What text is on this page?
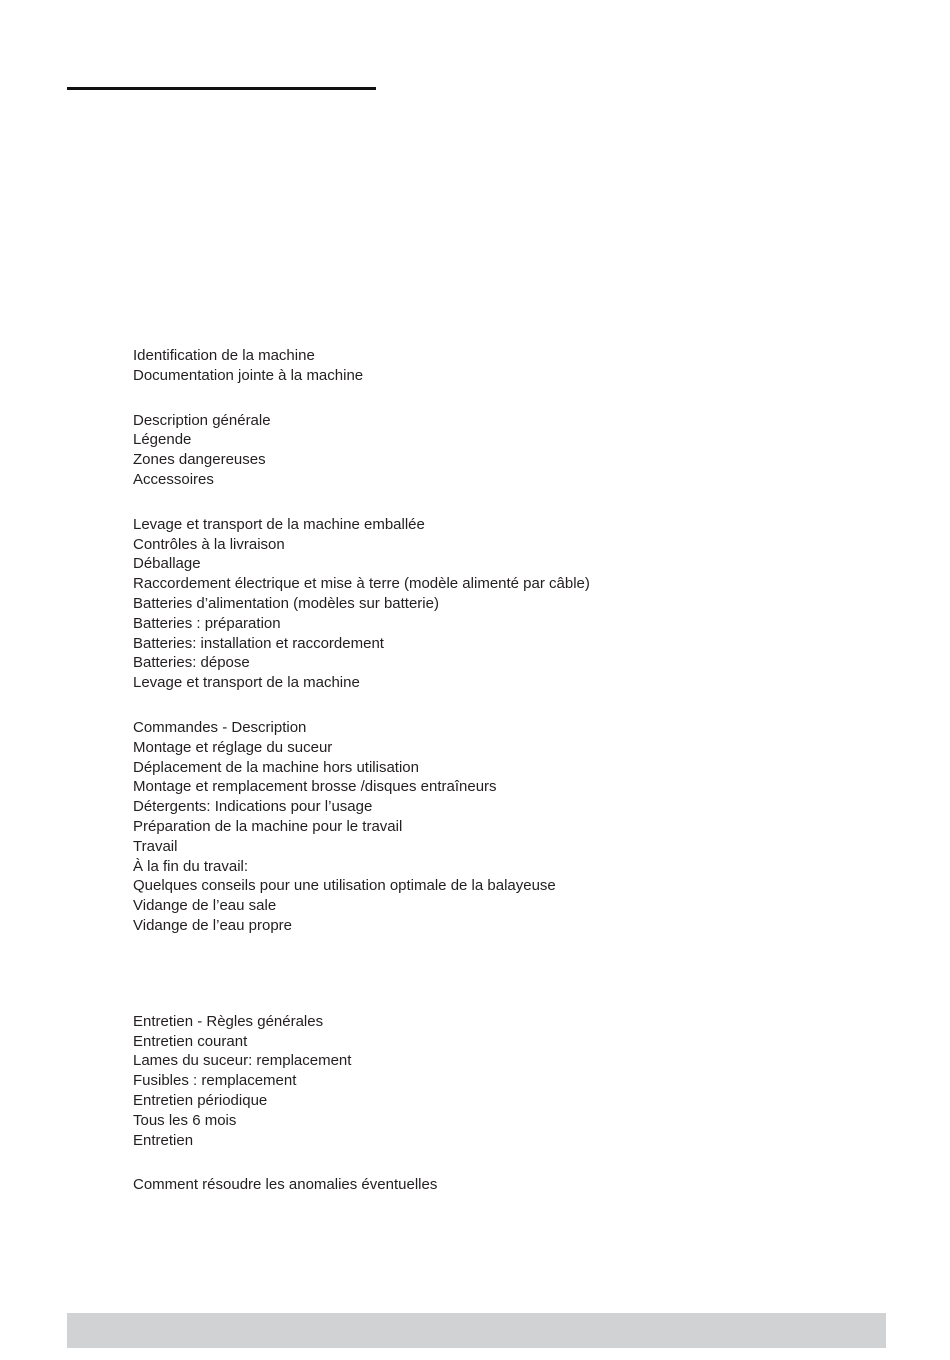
Identification de la machine
Documentation jointe à la machine
Description générale
Légende
Zones dangereuses
Accessoires
Levage et transport de la machine emballée
Contrôles à la livraison
Déballage
Raccordement électrique et mise à terre (modèle alimenté par câble)
Batteries d’alimentation (modèles sur batterie)
Batteries : préparation
Batteries: installation et raccordement
Batteries: dépose
Levage et transport de la machine
Commandes - Description
Montage et réglage du suceur
Déplacement de la machine hors utilisation
Montage et remplacement brosse /disques entraîneurs
Détergents: Indications pour l’usage
Préparation de la machine pour le travail
Travail
À la fin du travail:
Quelques conseils pour une utilisation optimale de la balayeuse
Vidange de l’eau sale
Vidange de l’eau propre
Entretien - Règles générales
Entretien courant
Lames du suceur: remplacement
Fusibles : remplacement
Entretien périodique
Tous les 6 mois
Entretien
Comment résoudre les anomalies éventuelles
